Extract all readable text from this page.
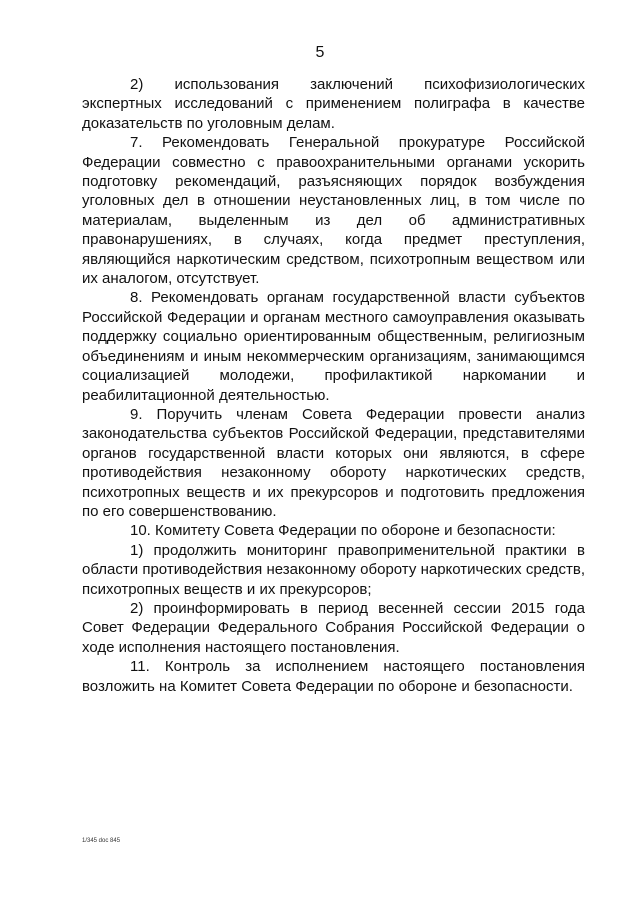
5

2) использования заключений психофизиологических экспертных исследований с применением полиграфа в качестве доказательств по уголовным делам.

7. Рекомендовать Генеральной прокуратуре Российской Федерации совместно с правоохранительными органами ускорить подготовку рекомендаций, разъясняющих порядок возбуждения уголовных дел в отношении неустановленных лиц, в том числе по материалам, выделенным из дел об административных правонарушениях, в случаях, когда предмет преступления, являющийся наркотическим средством, психотропным веществом или их аналогом, отсутствует.

8. Рекомендовать органам государственной власти субъектов Российской Федерации и органам местного самоуправления оказывать поддержку социально ориентированным общественным, религиозным объединениям и иным некоммерческим организациям, занимающимся социализацией молодежи, профилактикой наркомании и реабилитационной деятельностью.

9. Поручить членам Совета Федерации провести анализ законодательства субъектов Российской Федерации, представителями органов государственной власти которых они являются, в сфере противодействия незаконному обороту наркотических средств, психотропных веществ и их прекурсоров и подготовить предложения по его совершенствованию.

10. Комитету Совета Федерации по обороне и безопасности:

1) продолжить мониторинг правоприменительной практики в области противодействия незаконному обороту наркотических средств, психотропных веществ и их прекурсоров;

2) проинформировать в период весенней сессии 2015 года Совет Федерации Федерального Собрания Российской Федерации о ходе исполнения настоящего постановления.

11. Контроль за исполнением настоящего постановления возложить на Комитет Совета Федерации по обороне и безопасности.

1/345 doc 845
